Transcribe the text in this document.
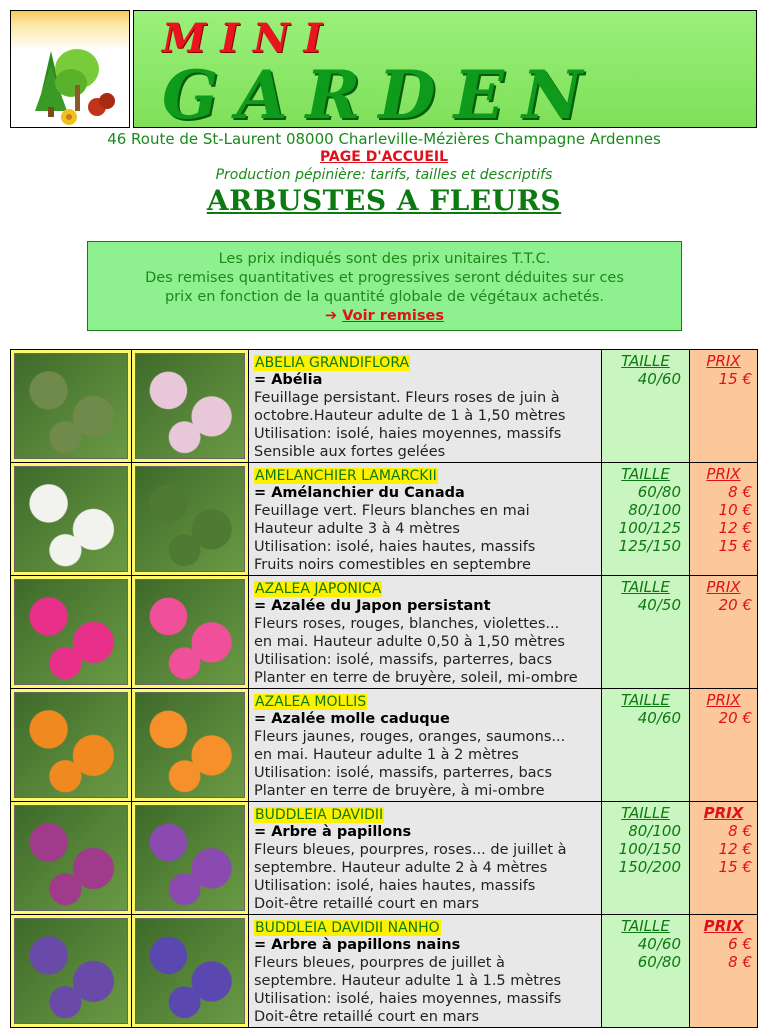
MINI
GARDEN
46 Route de St-Laurent 08000 Charleville-Mézières Champagne Ardennes
PAGE D'ACCUEIL
Production pépinière: tarifs, tailles et descriptifs
ARBUSTES A FLEURS
Les prix indiqués sont des prix unitaires T.T.C.
Des remises quantitatives et progressives seront déduites sur ces
prix en fonction de la quantité globale de végétaux achetés.
➔ Voir remises
ABELIA GRANDIFLORA
= Abélia
Feuillage persistant. Fleurs roses de juin à
octobre.Hauteur adulte de 1 à 1,50 mètres
Utilisation: isolé, haies moyennes, massifs
Sensible aux fortes gelées
TAILLE
40/60
PRIX
15 €
AMELANCHIER LAMARCKII
= Amélanchier du Canada
Feuillage vert. Fleurs blanches en mai
Hauteur adulte 3 à 4 mètres
Utilisation: isolé, haies hautes, massifs
Fruits noirs comestibles en septembre
TAILLE
60/80
80/100
100/125
125/150
PRIX
8 €
10 €
12 €
15 €
AZALEA JAPONICA
= Azalée du Japon persistant
Fleurs roses, rouges, blanches, violettes...
en mai. Hauteur adulte 0,50 à 1,50 mètres
Utilisation: isolé, massifs, parterres, bacs
Planter en terre de bruyère, soleil, mi-ombre
TAILLE
40/50
PRIX
20 €
AZALEA MOLLIS
= Azalée molle caduque
Fleurs jaunes, rouges, oranges, saumons...
en mai. Hauteur adulte 1 à 2 mètres
Utilisation: isolé, massifs, parterres, bacs
Planter en terre de bruyère, à mi-ombre
TAILLE
40/60
PRIX
20 €
BUDDLEIA DAVIDII
= Arbre à papillons
Fleurs bleues, pourpres, roses... de juillet à
septembre. Hauteur adulte 2 à 4 mètres
Utilisation: isolé, haies hautes, massifs
Doit-être retaillé court en mars
TAILLE
80/100
100/150
150/200
PRIX
8 €
12 €
15 €
BUDDLEIA DAVIDII NANHO
= Arbre à papillons nains
Fleurs bleues, pourpres de juillet à
septembre. Hauteur adulte 1 à 1.5 mètres
Utilisation: isolé, haies moyennes, massifs
Doit-être retaillé court en mars
TAILLE
40/60
60/80
PRIX
6 €
8 €
